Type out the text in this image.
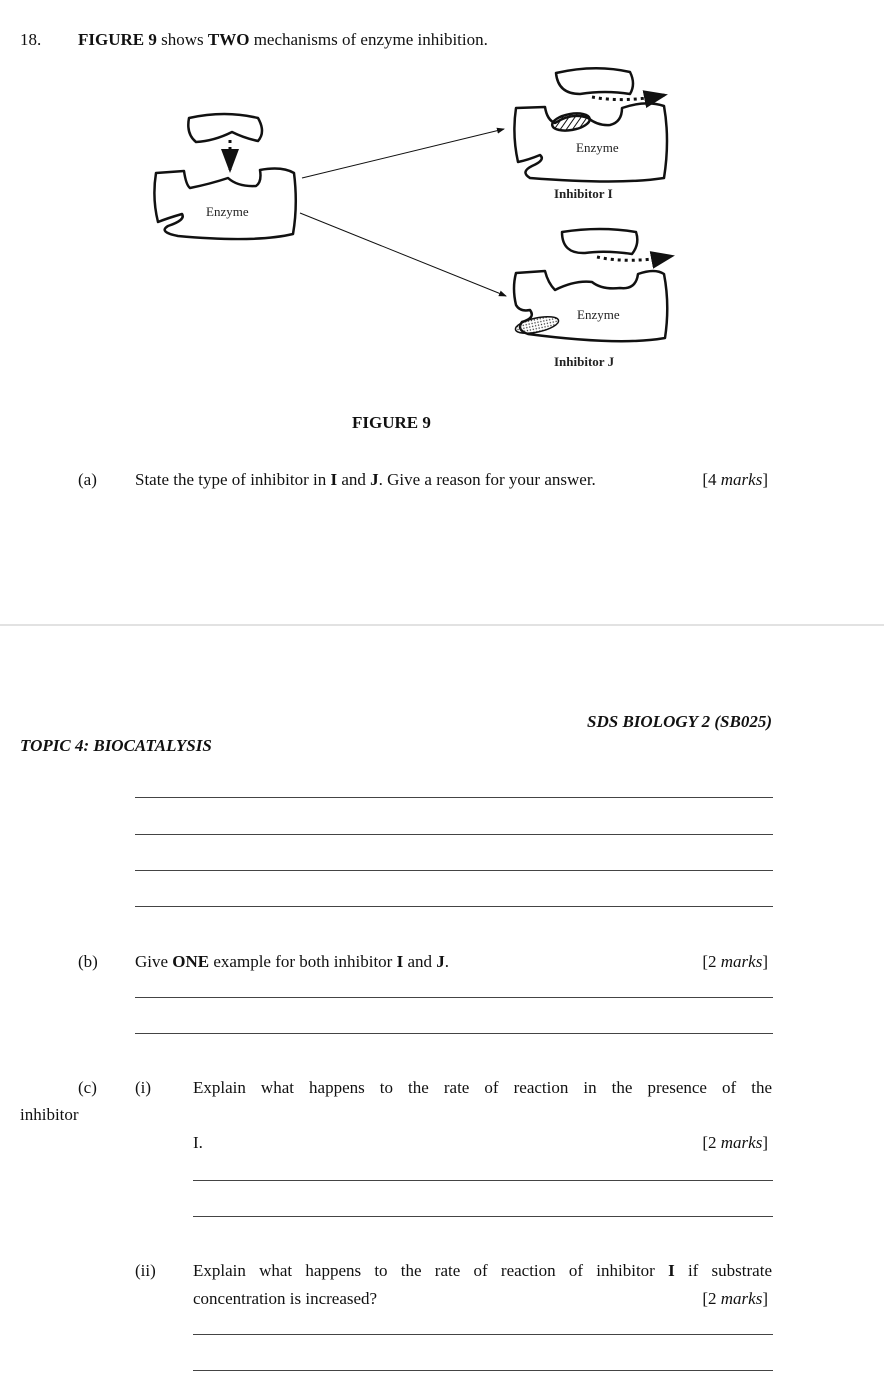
18. FIGURE 9 shows TWO mechanisms of enzyme inhibition.
Enzyme
Enzyme
Enzyme
Inhibitor I
Inhibitor J
FIGURE 9
(a) State the type of inhibitor in I and J. Give a reason for your answer.	[4 marks]
SDS BIOLOGY 2 (SB025)
TOPIC 4: BIOCATALYSIS
(b) Give ONE example for both inhibitor I and J.	[2 marks]
(c) (i) Explain what happens to the rate of reaction in the presence of the
inhibitor
I.	[2 marks]
(ii) Explain what happens to the rate of reaction of inhibitor I if substrate
concentration is increased?	[2 marks]
